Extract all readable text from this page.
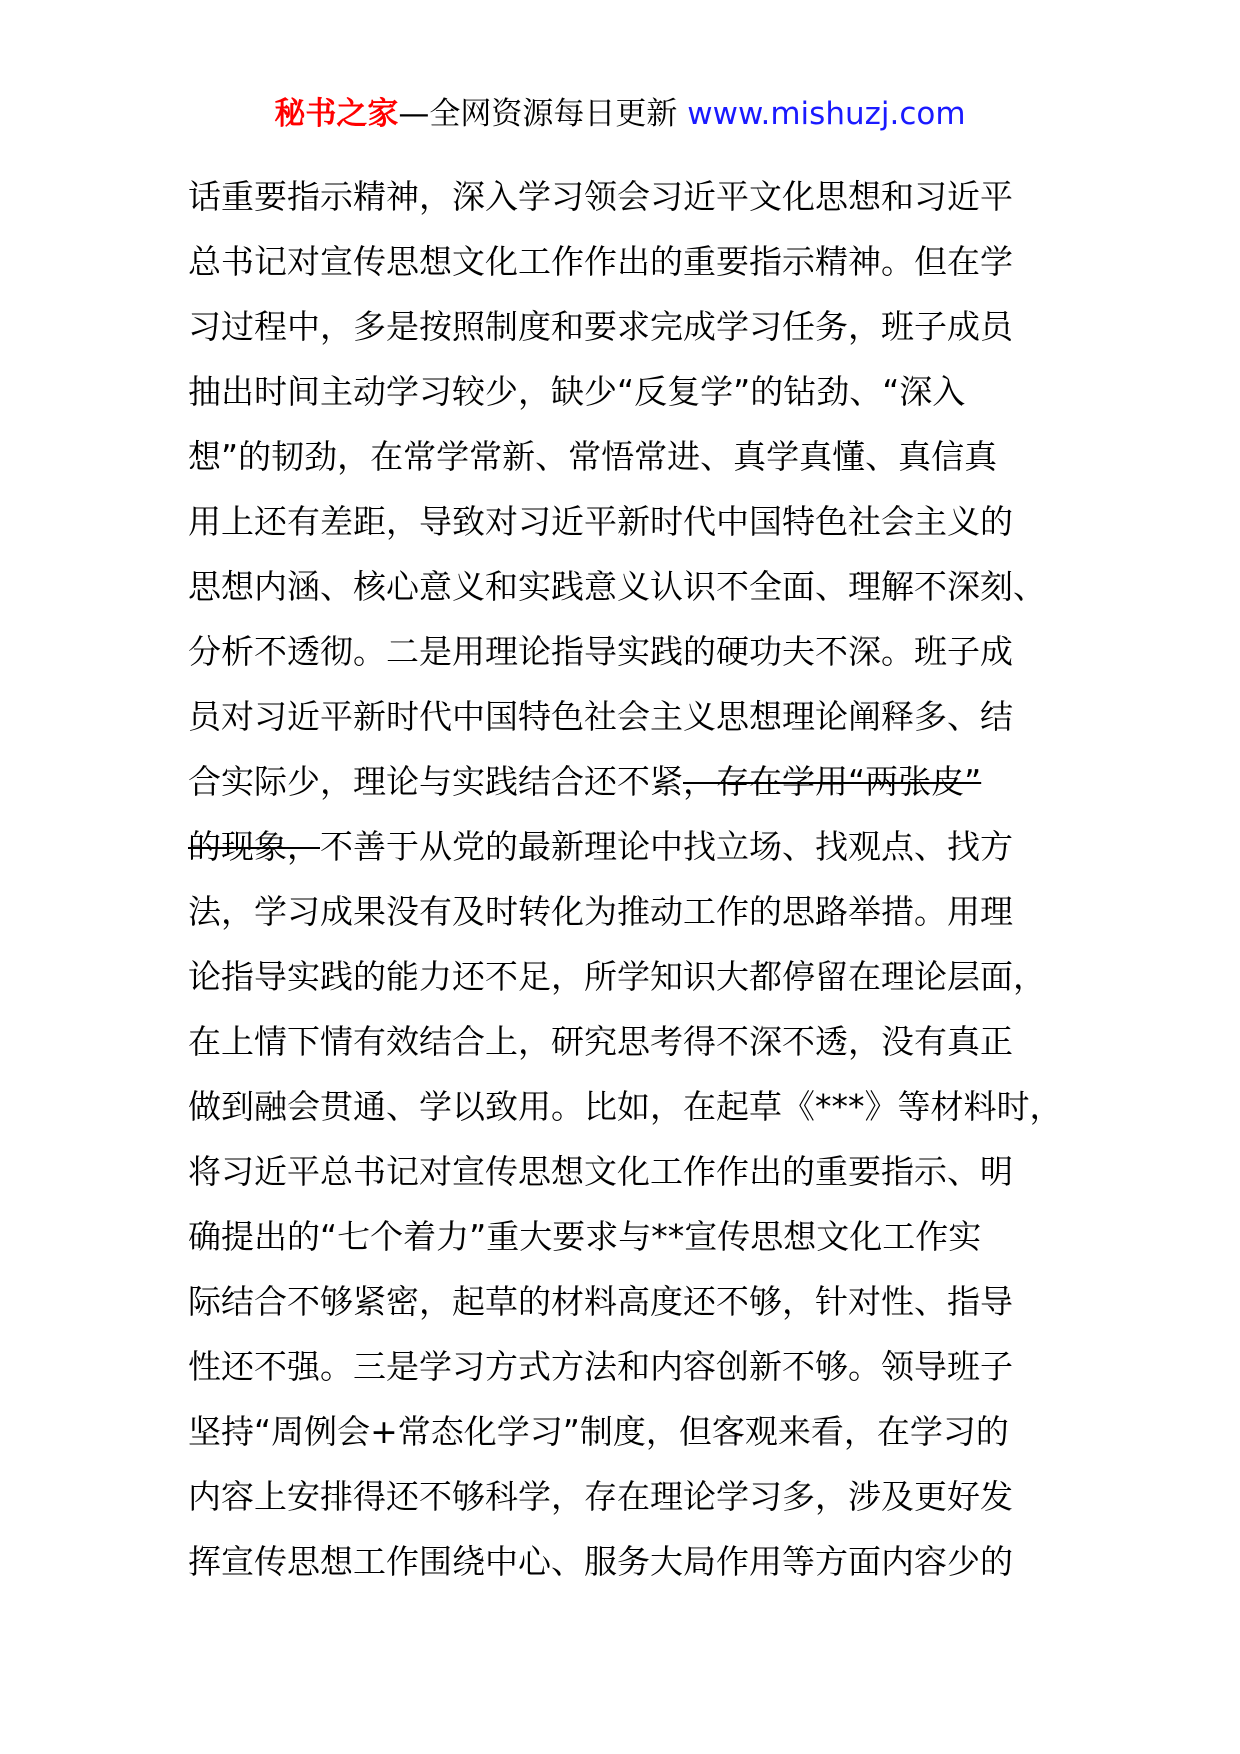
秘书之家—全网资源每日更新 www.mishuzj.com
话重要指示精神，深入学习领会习近平文化思想和习近平
总书记对宣传思想文化工作作出的重要指示精神。但在学
习过程中，多是按照制度和要求完成学习任务，班子成员
抽出时间主动学习较少，缺少“反复学”的钻劲、“深入
想”的韧劲，在常学常新、常悟常进、真学真懂、真信真
用上还有差距，导致对习近平新时代中国特色社会主义的
思想内涵、核心意义和实践意义认识不全面、理解不深刻、
分析不透彻。二是用理论指导实践的硬功夫不深。班子成
员对习近平新时代中国特色社会主义思想理论阐释多、结
合实际少，理论与实践结合还不紧，存在学用“两张皮”
的现象，不善于从党的最新理论中找立场、找观点、找方
法，学习成果没有及时转化为推动工作的思路举措。用理
论指导实践的能力还不足，所学知识大都停留在理论层面，
在上情下情有效结合上，研究思考得不深不透，没有真正
做到融会贯通、学以致用。比如，在起草《***》等材料时，
将习近平总书记对宣传思想文化工作作出的重要指示、明
确提出的“七个着力”重大要求与**宣传思想文化工作实
际结合不够紧密，起草的材料高度还不够，针对性、指导
性还不强。三是学习方式方法和内容创新不够。领导班子
坚持“周例会+常态化学习”制度，但客观来看，在学习的
内容上安排得还不够科学，存在理论学习多，涉及更好发
挥宣传思想工作围绕中心、服务大局作用等方面内容少的
